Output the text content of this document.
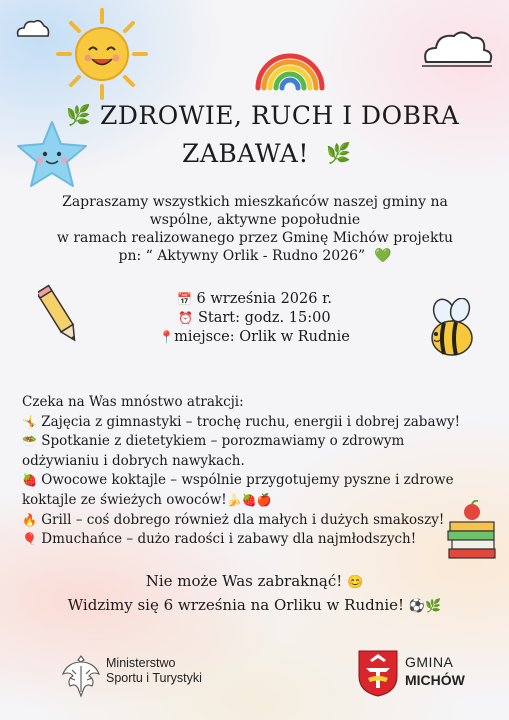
🌿 ZDROWIE, RUCH I DOBRA
ZABAWA! 🌿
Zapraszamy wszystkich mieszkańców naszej gminy na
wspólne, aktywne popołudnie
w ramach realizowanego przez Gminę Michów projektu
pn: “ Aktywny Orlik - Rudno 2026” 💚
📅 6 września 2026 r.
⏰ Start: godz. 15:00
📍miejsce: Orlik w Rudnie
Czeka na Was mnóstwo atrakcji:
🤸 Zajęcia z gimnastyki – trochę ruchu, energii i dobrej zabawy!
🥗 Spotkanie z dietetykiem – porozmawiamy o zdrowym
odżywianiu i dobrych nawykach.
🍓 Owocowe koktajle – wspólnie przygotujemy pyszne i zdrowe
koktajle ze świeżych owoców!🍌🍓🍎
🔥 Grill – coś dobrego również dla małych i dużych smakoszy!
🎈 Dmuchańce – dużo radości i zabawy dla najmłodszych!
Nie może Was zabraknąć! 😊
Widzimy się 6 września na Orliku w Rudnie! ⚽🌿
Ministerstwo
Sportu i Turystyki
GMINA
MICHÓW
